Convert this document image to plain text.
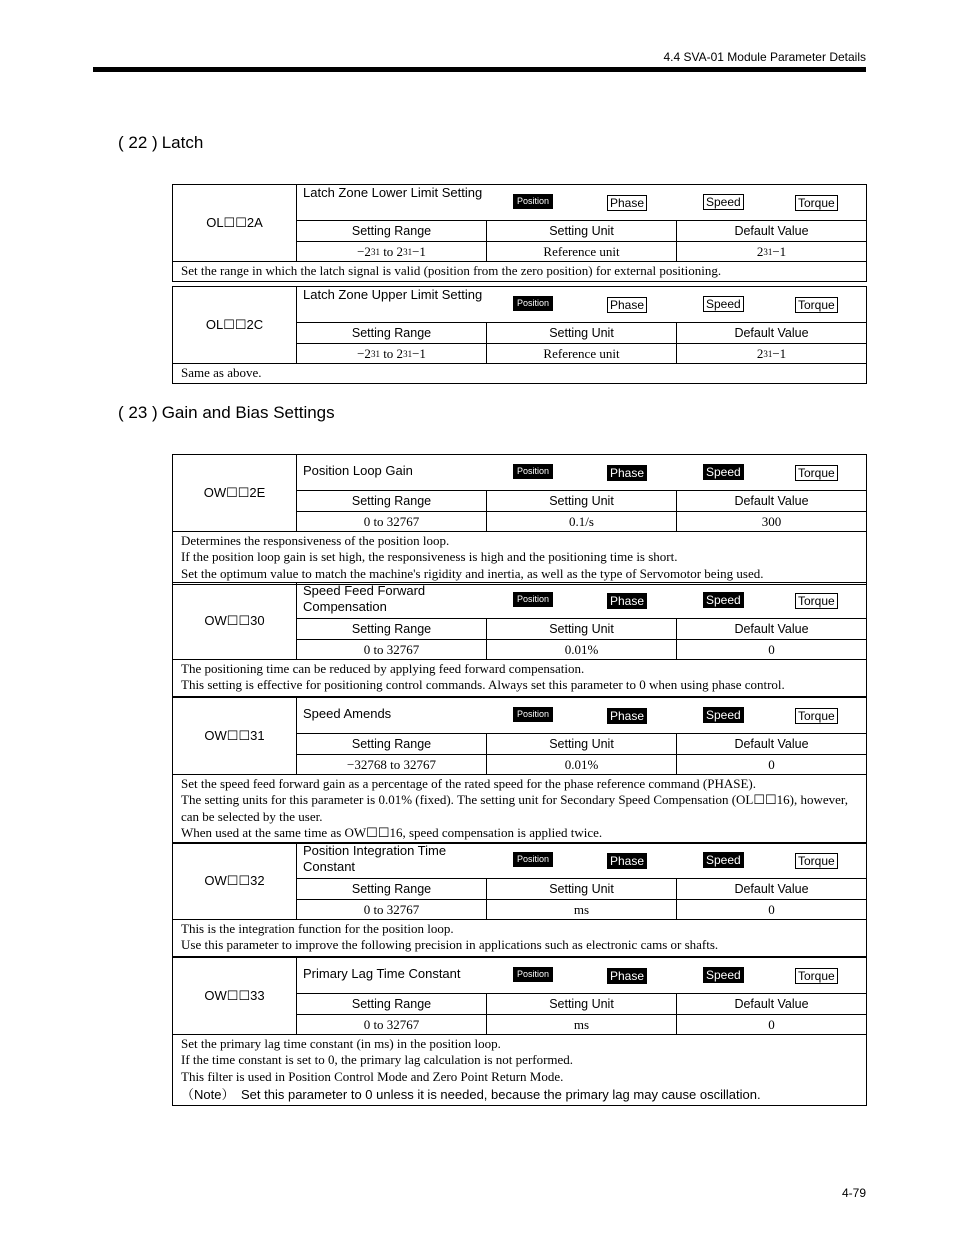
4.4 SVA-01 Module Parameter Details
( 22 ) Latch
( 23 ) Gain and Bias Settings
OL☐☐2A
Latch Zone Lower Limit Setting
Position	Phase	Speed	Torque
Setting Range	Setting Unit	Default Value
−2 31 to 2 31 −1	Reference unit	2 31 −1
Set the range in which the latch signal is valid (position from the zero position) for external positioning.
OL☐☐2C
Latch Zone Upper Limit Setting
Position	Phase	Speed	Torque
Setting Range	Setting Unit	Default Value
−2 31 to 2 31 −1	Reference unit	2 31 −1
Same as above.
OW☐☐2E
Position Loop Gain	Position	Phase	Speed	Torque
Setting Range	Setting Unit	Default Value
0 to 32767	0.1/s	300
Determines the responsiveness of the position loop.
If the position loop gain is set high, the responsiveness is high and the positioning time is short.
Set the optimum value to match the machine's rigidity and inertia, as well as the type of Servomotor being used.
OW☐☐30
Speed Feed Forward Compensation	Position	Phase	Speed	Torque
Setting Range	Setting Unit	Default Value
0 to 32767	0.01%	0
The positioning time can be reduced by applying feed forward compensation.
This setting is effective for positioning control commands. Always set this parameter to 0 when using phase control.
OW☐☐31
Speed Amends	Position	Phase	Speed	Torque
Setting Range	Setting Unit	Default Value
−32768 to 32767	0.01%	0
Set the speed feed forward gain as a percentage of the rated speed for the phase reference command (PHASE).
The setting units for this parameter is 0.01% (fixed). The setting unit for Secondary Speed Compensation (OL☐☐16), however, can be selected by the user.
When used at the same time as OW☐☐16, speed compensation is applied twice.
OW☐☐32
Position Integration Time Constant	Position	Phase	Speed	Torque
Setting Range	Setting Unit	Default Value
0 to 32767	ms	0
This is the integration function for the position loop.
Use this parameter to improve the following precision in applications such as electronic cams or shafts.
OW☐☐33
Primary Lag Time Constant	Position	Phase	Speed	Torque
Setting Range	Setting Unit	Default Value
0 to 32767	ms	0
Set the primary lag time constant (in ms) in the position loop.
If the time constant is set to 0, the primary lag calculation is not performed.
This filter is used in Position Control Mode and Zero Point Return Mode.
（Note） Set this parameter to 0 unless it is needed, because the primary lag may cause oscillation.
4-79
